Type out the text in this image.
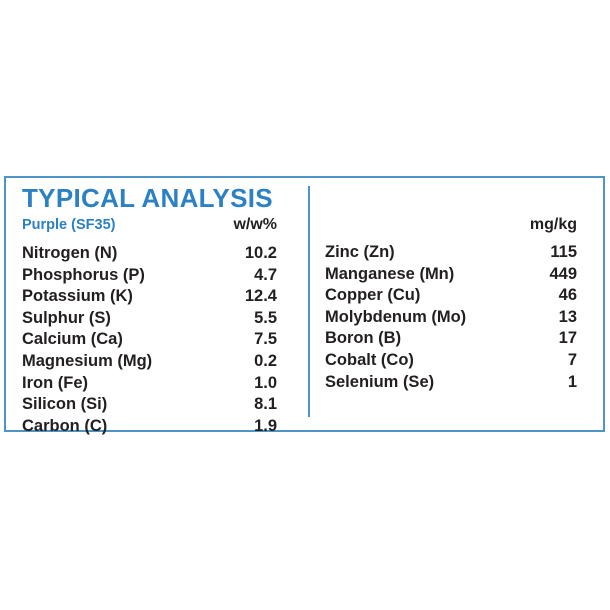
TYPICAL ANALYSIS
Purple (SF35)	w/w%
Nitrogen (N)	10.2
Phosphorus (P)	4.7
Potassium (K)	12.4
Sulphur (S)	5.5
Calcium (Ca)	7.5
Magnesium (Mg)	0.2
Iron (Fe)	1.0
Silicon (Si)	8.1
Carbon (C)	1.9
mg/kg
Zinc (Zn)	115
Manganese (Mn)	449
Copper (Cu)	46
Molybdenum (Mo)	13
Boron (B)	17
Cobalt (Co)	7
Selenium (Se)	1
